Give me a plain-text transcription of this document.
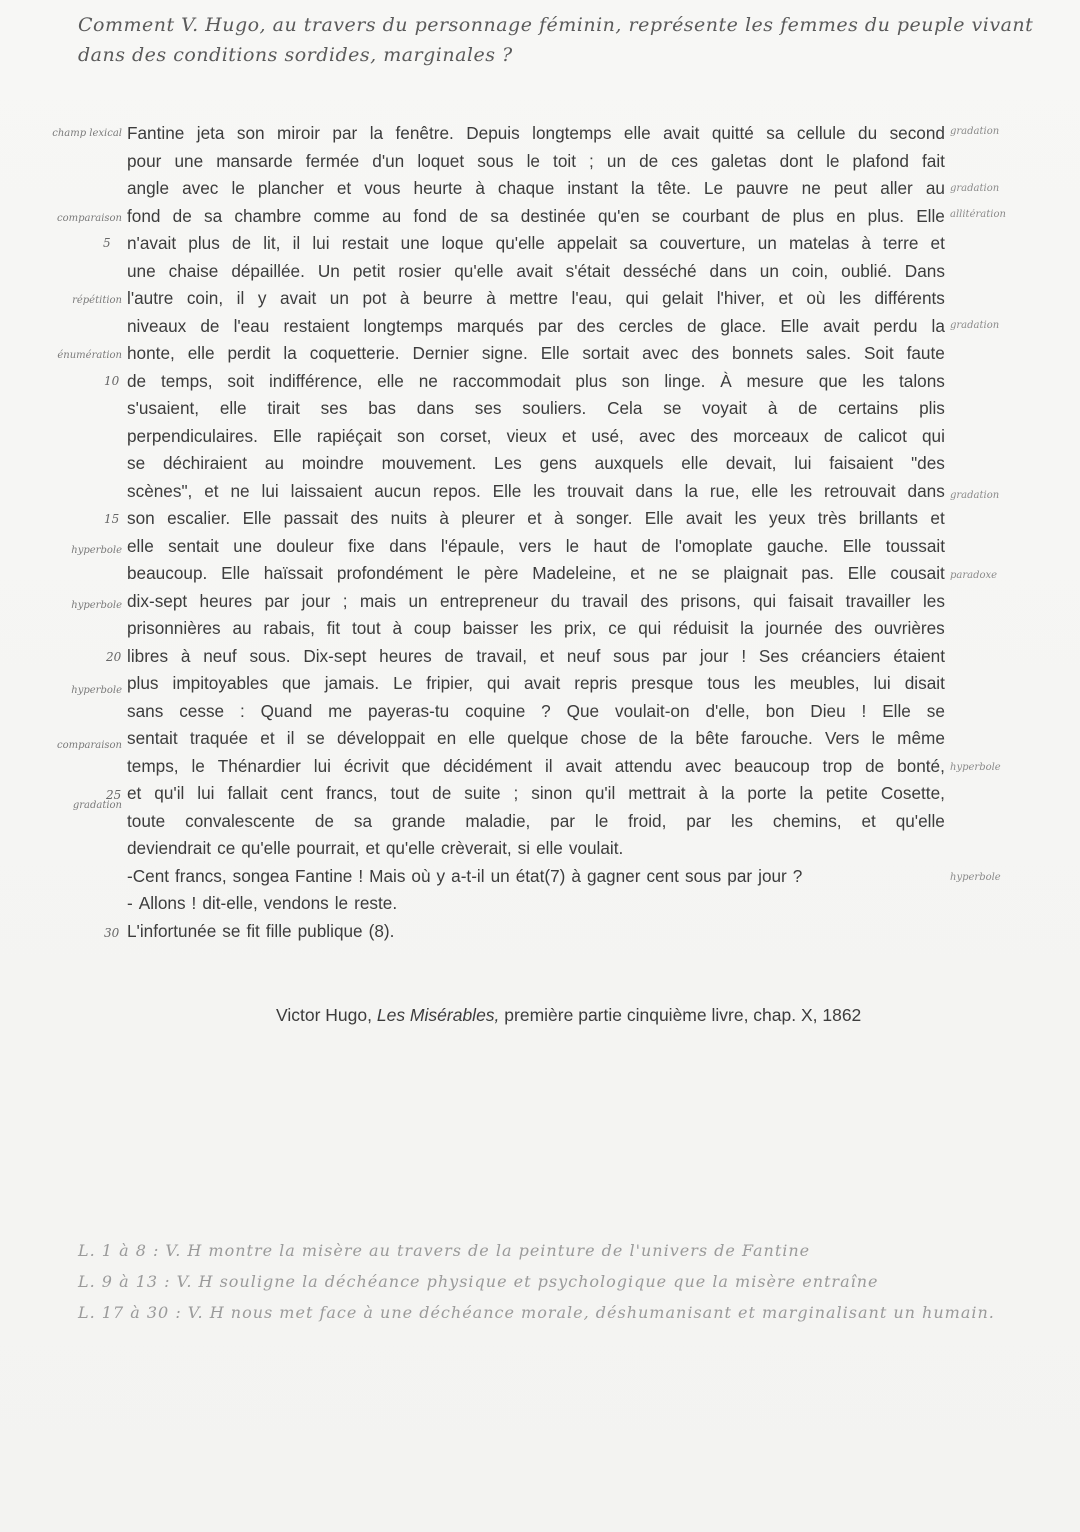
Comment V. Hugo, au travers du personnage féminin, représente les femmes du peuple vivant dans des conditions sordides, marginales ?
Fantine jeta son miroir par la fenêtre. Depuis longtemps elle avait quitté sa cellule du second
pour une mansarde fermée d'un loquet sous le toit ; un de ces galetas dont le plafond fait
angle avec le plancher et vous heurte à chaque instant la tête. Le pauvre ne peut aller au
fond de sa chambre comme au fond de sa destinée qu'en se courbant de plus en plus. Elle
n'avait plus de lit, il lui restait une loque qu'elle appelait sa couverture, un matelas à terre et
une chaise dépaillée. Un petit rosier qu'elle avait s'était desséché dans un coin, oublié. Dans
l'autre coin, il y avait un pot à beurre à mettre l'eau, qui gelait l'hiver, et où les différents
niveaux de l'eau restaient longtemps marqués par des cercles de glace. Elle avait perdu la
honte, elle perdit la coquetterie. Dernier signe. Elle sortait avec des bonnets sales. Soit faute
de temps, soit indifférence, elle ne raccommodait plus son linge. À mesure que les talons
s'usaient, elle tirait ses bas dans ses souliers. Cela se voyait à de certains plis
perpendiculaires. Elle rapiéçait son corset, vieux et usé, avec des morceaux de calicot qui
se déchiraient au moindre mouvement. Les gens auxquels elle devait, lui faisaient "des
scènes", et ne lui laissaient aucun repos. Elle les trouvait dans la rue, elle les retrouvait dans
son escalier. Elle passait des nuits à pleurer et à songer. Elle avait les yeux très brillants et
elle sentait une douleur fixe dans l'épaule, vers le haut de l'omoplate gauche. Elle toussait
beaucoup. Elle haïssait profondément le père Madeleine, et ne se plaignait pas. Elle cousait
dix-sept heures par jour ; mais un entrepreneur du travail des prisons, qui faisait travailler les
prisonnières au rabais, fit tout à coup baisser les prix, ce qui réduisit la journée des ouvrières
libres à neuf sous. Dix-sept heures de travail, et neuf sous par jour ! Ses créanciers étaient
plus impitoyables que jamais. Le fripier, qui avait repris presque tous les meubles, lui disait
sans cesse : Quand me payeras-tu coquine ? Que voulait-on d'elle, bon Dieu ! Elle se
sentait traquée et il se développait en elle quelque chose de la bête farouche. Vers le même
temps, le Thénardier lui écrivit que décidément il avait attendu avec beaucoup trop de bonté,
et qu'il lui fallait cent francs, tout de suite ; sinon qu'il mettrait à la porte la petite Cosette,
toute convalescente de sa grande maladie, par le froid, par les chemins, et qu'elle
deviendrait ce qu'elle pourrait, et qu'elle crèverait, si elle voulait.
-Cent francs, songea Fantine ! Mais où y a-t-il un état(7) à gagner cent sous par jour ?
- Allons ! dit-elle, vendons le reste.
L'infortunée se fit fille publique (8).
5
10
15
20
25
30
champ lexical
comparaison
répétition
énumération
hyperbole
hyperbole
hyperbole
comparaison
gradation
gradation
gradation
allitération
gradation
gradation
paradoxe
hyperbole
hyperbole
Victor Hugo, Les Misérables, première partie cinquième livre, chap. X, 1862
L. 1 à 8 : V. H montre la misère au travers de la peinture de l'univers de Fantine
L. 9 à 13 : V. H souligne la déchéance physique et psychologique que la misère entraîne
L. 17 à 30 : V. H nous met face à une déchéance morale, déshumanisant et marginalisant un humain.
